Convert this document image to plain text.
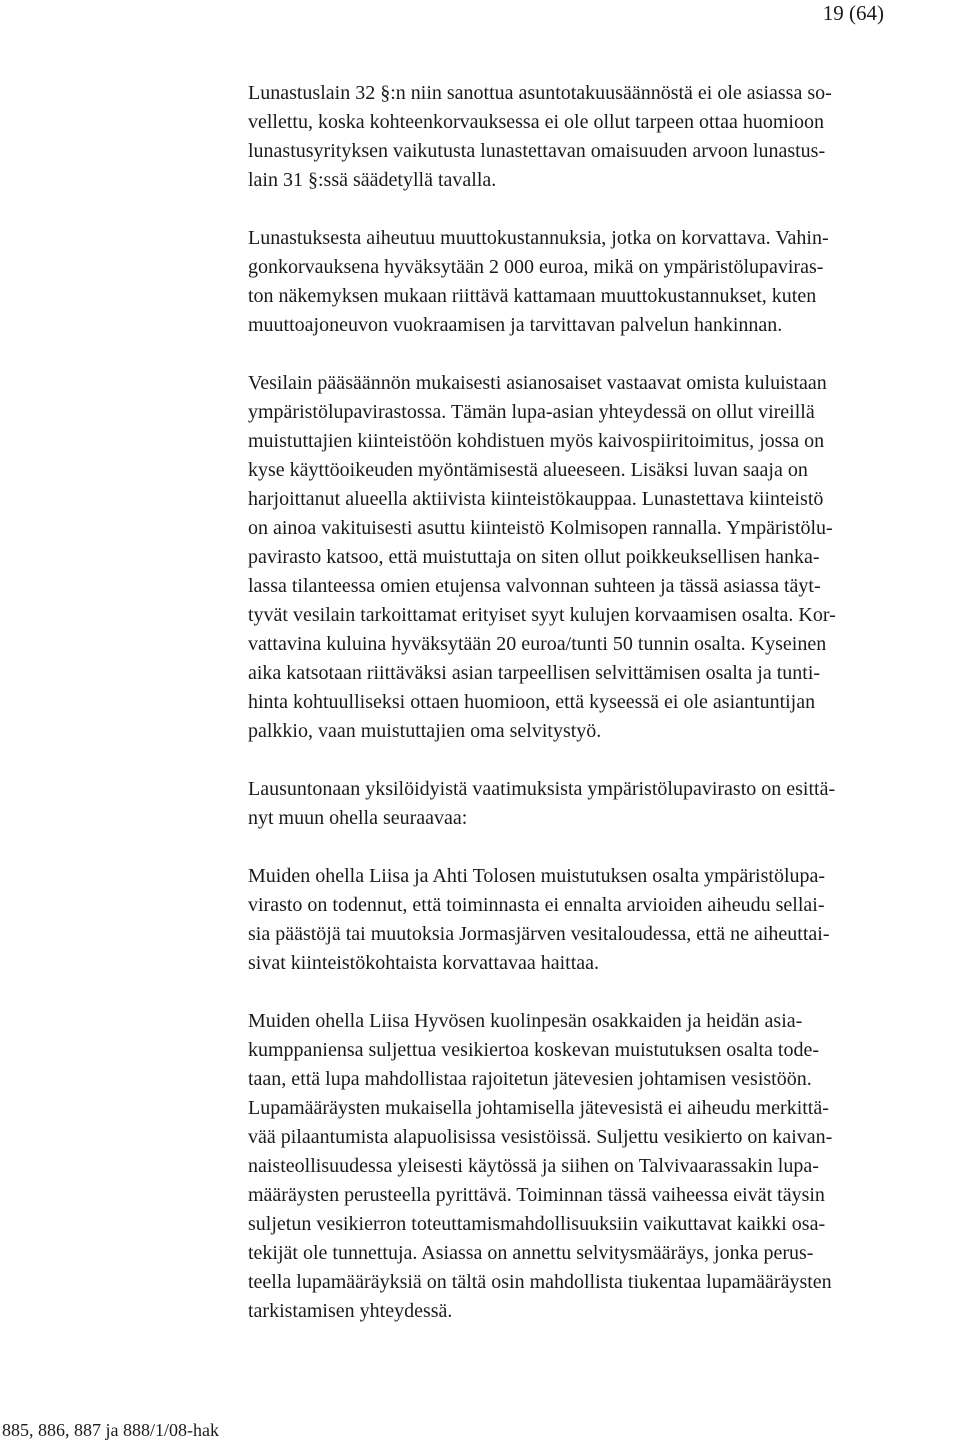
19 (64)

Lunastuslain 32 §:n niin sanottua asuntotakuusäännöstä ei ole asiassa so-

vellettu, koska kohteenkorvauksessa ei ole ollut tarpeen ottaa huomioon

lunastusyrityksen vaikutusta lunastettavan omaisuuden arvoon lunastus-

lain 31 §:ssä säädetyllä tavalla.

Lunastuksesta aiheutuu muuttokustannuksia, jotka on korvattava. Vahin-

gonkorvauksena hyväksytään 2 000 euroa, mikä on ympäristölupaviras-

ton näkemyksen mukaan riittävä kattamaan muuttokustannukset, kuten

muuttoajoneuvon vuokraamisen ja tarvittavan palvelun hankinnan.

Vesilain pääsäännön mukaisesti asianosaiset vastaavat omista kuluistaan

ympäristölupavirastossa. Tämän lupa-asian yhteydessä on ollut vireillä

muistuttajien kiinteistöön kohdistuen myös kaivospiiritoimitus, jossa on

kyse käyttöoikeuden myöntämisestä alueeseen. Lisäksi luvan saaja on

harjoittanut alueella aktiivista kiinteistökauppaa. Lunastettava kiinteistö

on ainoa vakituisesti asuttu kiinteistö Kolmisopen rannalla. Ympäristölu-

pavirasto katsoo, että muistuttaja on siten ollut poikkeuksellisen hanka-

lassa tilanteessa omien etujensa valvonnan suhteen ja tässä asiassa täyt-

tyvät vesilain tarkoittamat erityiset syyt kulujen korvaamisen osalta. Kor-

vattavina kuluina hyväksytään 20 euroa/tunti 50 tunnin osalta. Kyseinen

aika katsotaan riittäväksi asian tarpeellisen selvittämisen osalta ja tunti-

hinta kohtuulliseksi ottaen huomioon, että kyseessä ei ole asiantuntijan

palkkio, vaan muistuttajien oma selvitystyö.

Lausuntonaan yksilöidyistä vaatimuksista ympäristölupavirasto on esittä-

nyt muun ohella seuraavaa:

Muiden ohella Liisa ja Ahti Tolosen muistutuksen osalta ympäristölupa-

virasto on todennut, että toiminnasta ei ennalta arvioiden aiheudu sellai-

sia päästöjä tai muutoksia Jormasjärven vesitaloudessa, että ne aiheuttai-

sivat kiinteistökohtaista korvattavaa haittaa.

Muiden ohella Liisa Hyvösen kuolinpesän osakkaiden ja heidän asia-

kumppaniensa suljettua vesikiertoa koskevan muistutuksen osalta tode-

taan, että lupa mahdollistaa rajoitetun jätevesien johtamisen vesistöön.

Lupamääräysten mukaisella johtamisella jätevesistä ei aiheudu merkittä-

vää pilaantumista alapuolisissa vesistöissä. Suljettu vesikierto on kaivan-

naisteollisuudessa yleisesti käytössä ja siihen on Talvivaarassakin lupa-

määräysten perusteella pyrittävä. Toiminnan tässä vaiheessa eivät täysin

suljetun vesikierron toteuttamismahdollisuuksiin vaikuttavat kaikki osa-

tekijät ole tunnettuja. Asiassa on annettu selvitysmääräys, jonka perus-

teella lupamääräyksiä on tältä osin mahdollista tiukentaa lupamääräysten

tarkistamisen yhteydessä.

885, 886, 887 ja 888/1/08-hak
